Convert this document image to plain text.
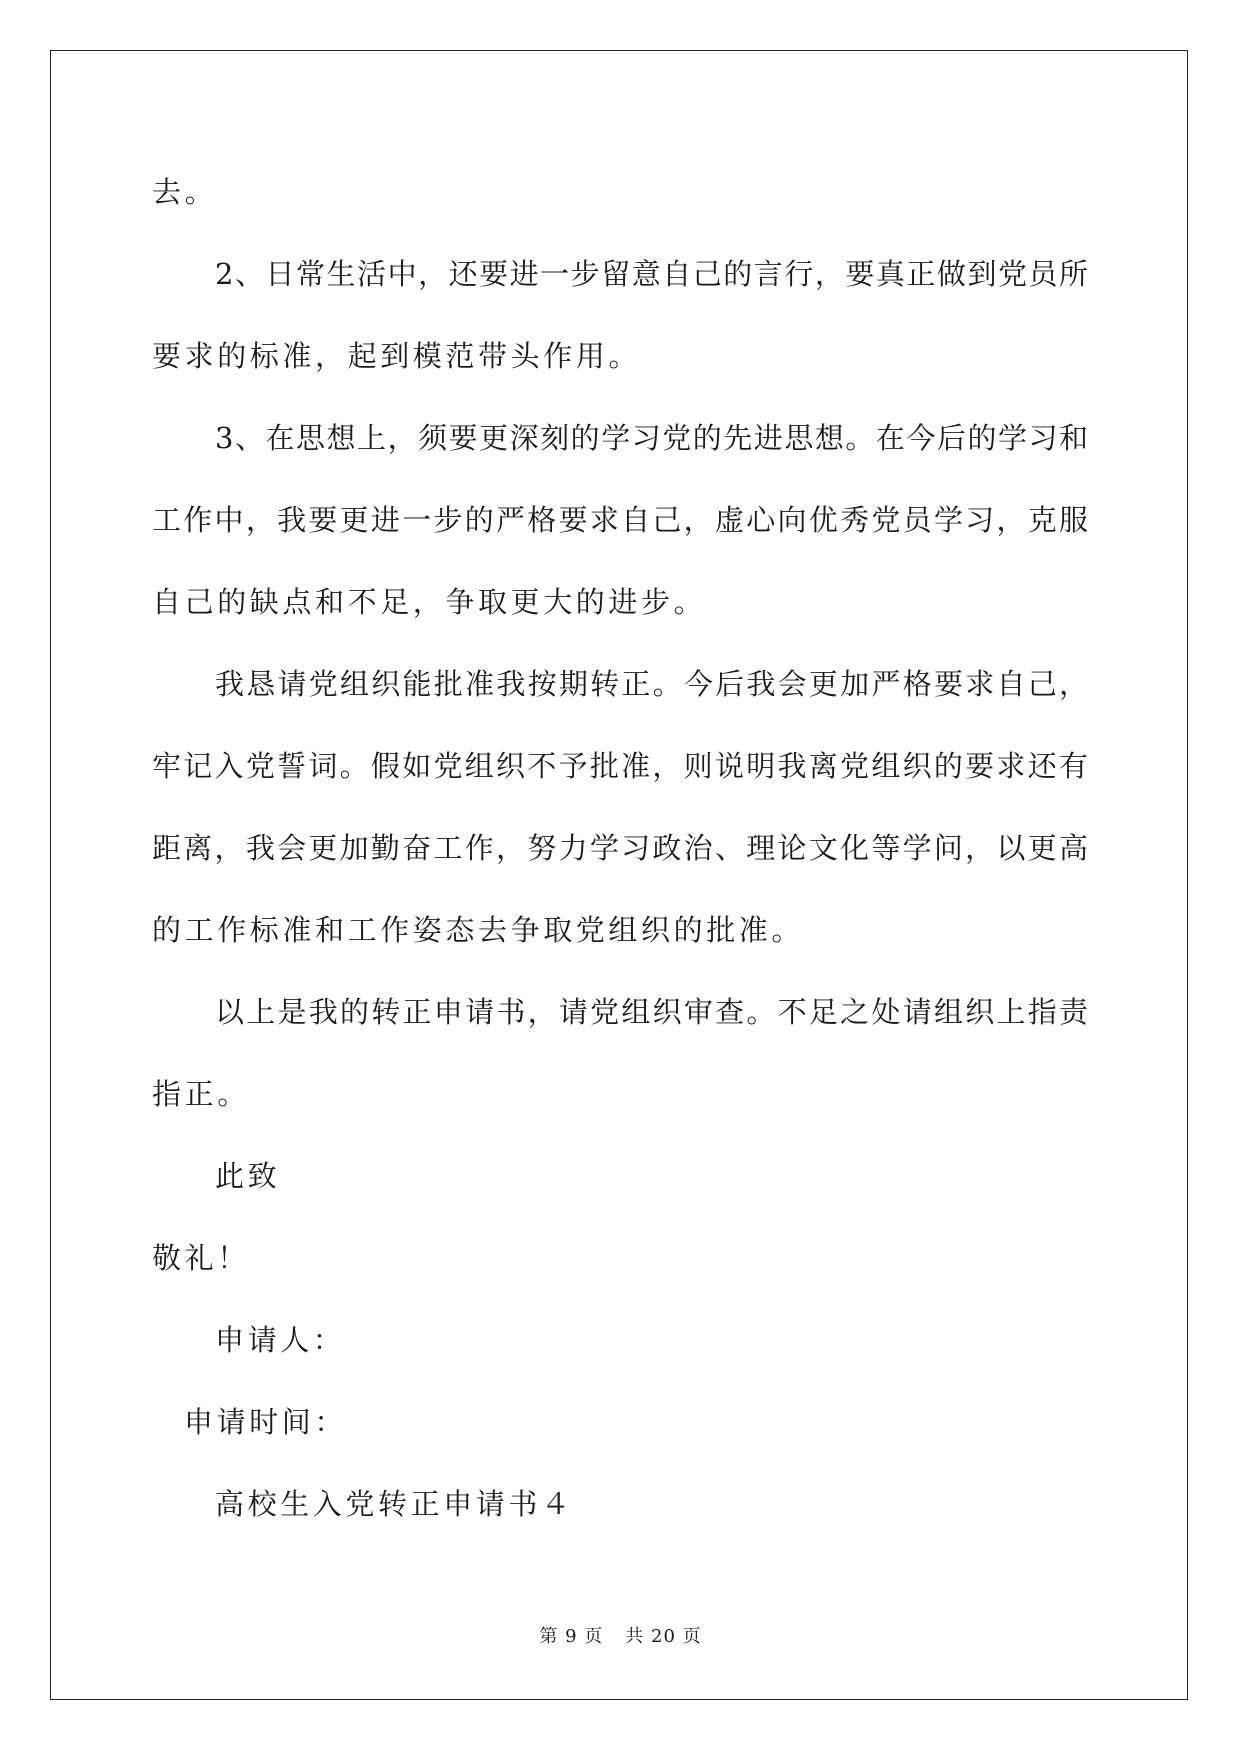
去。
2、日常生活中，还要进一步留意自己的言行，要真正做到党员所
要求的标准，起到模范带头作用。
3、在思想上，须要更深刻的学习党的先进思想。在今后的学习和
工作中，我要更进一步的严格要求自己，虚心向优秀党员学习，克服
自己的缺点和不足，争取更大的进步。
我恳请党组织能批准我按期转正。今后我会更加严格要求自己，
牢记入党誓词。假如党组织不予批准，则说明我离党组织的要求还有
距离，我会更加勤奋工作，努力学习政治、理论文化等学问，以更高
的工作标准和工作姿态去争取党组织的批准。
以上是我的转正申请书，请党组织审查。不足之处请组织上指责
指正。
此致
敬礼！
申请人：
申请时间：
高校生入党转正申请书４
第 9 页 共 20 页
